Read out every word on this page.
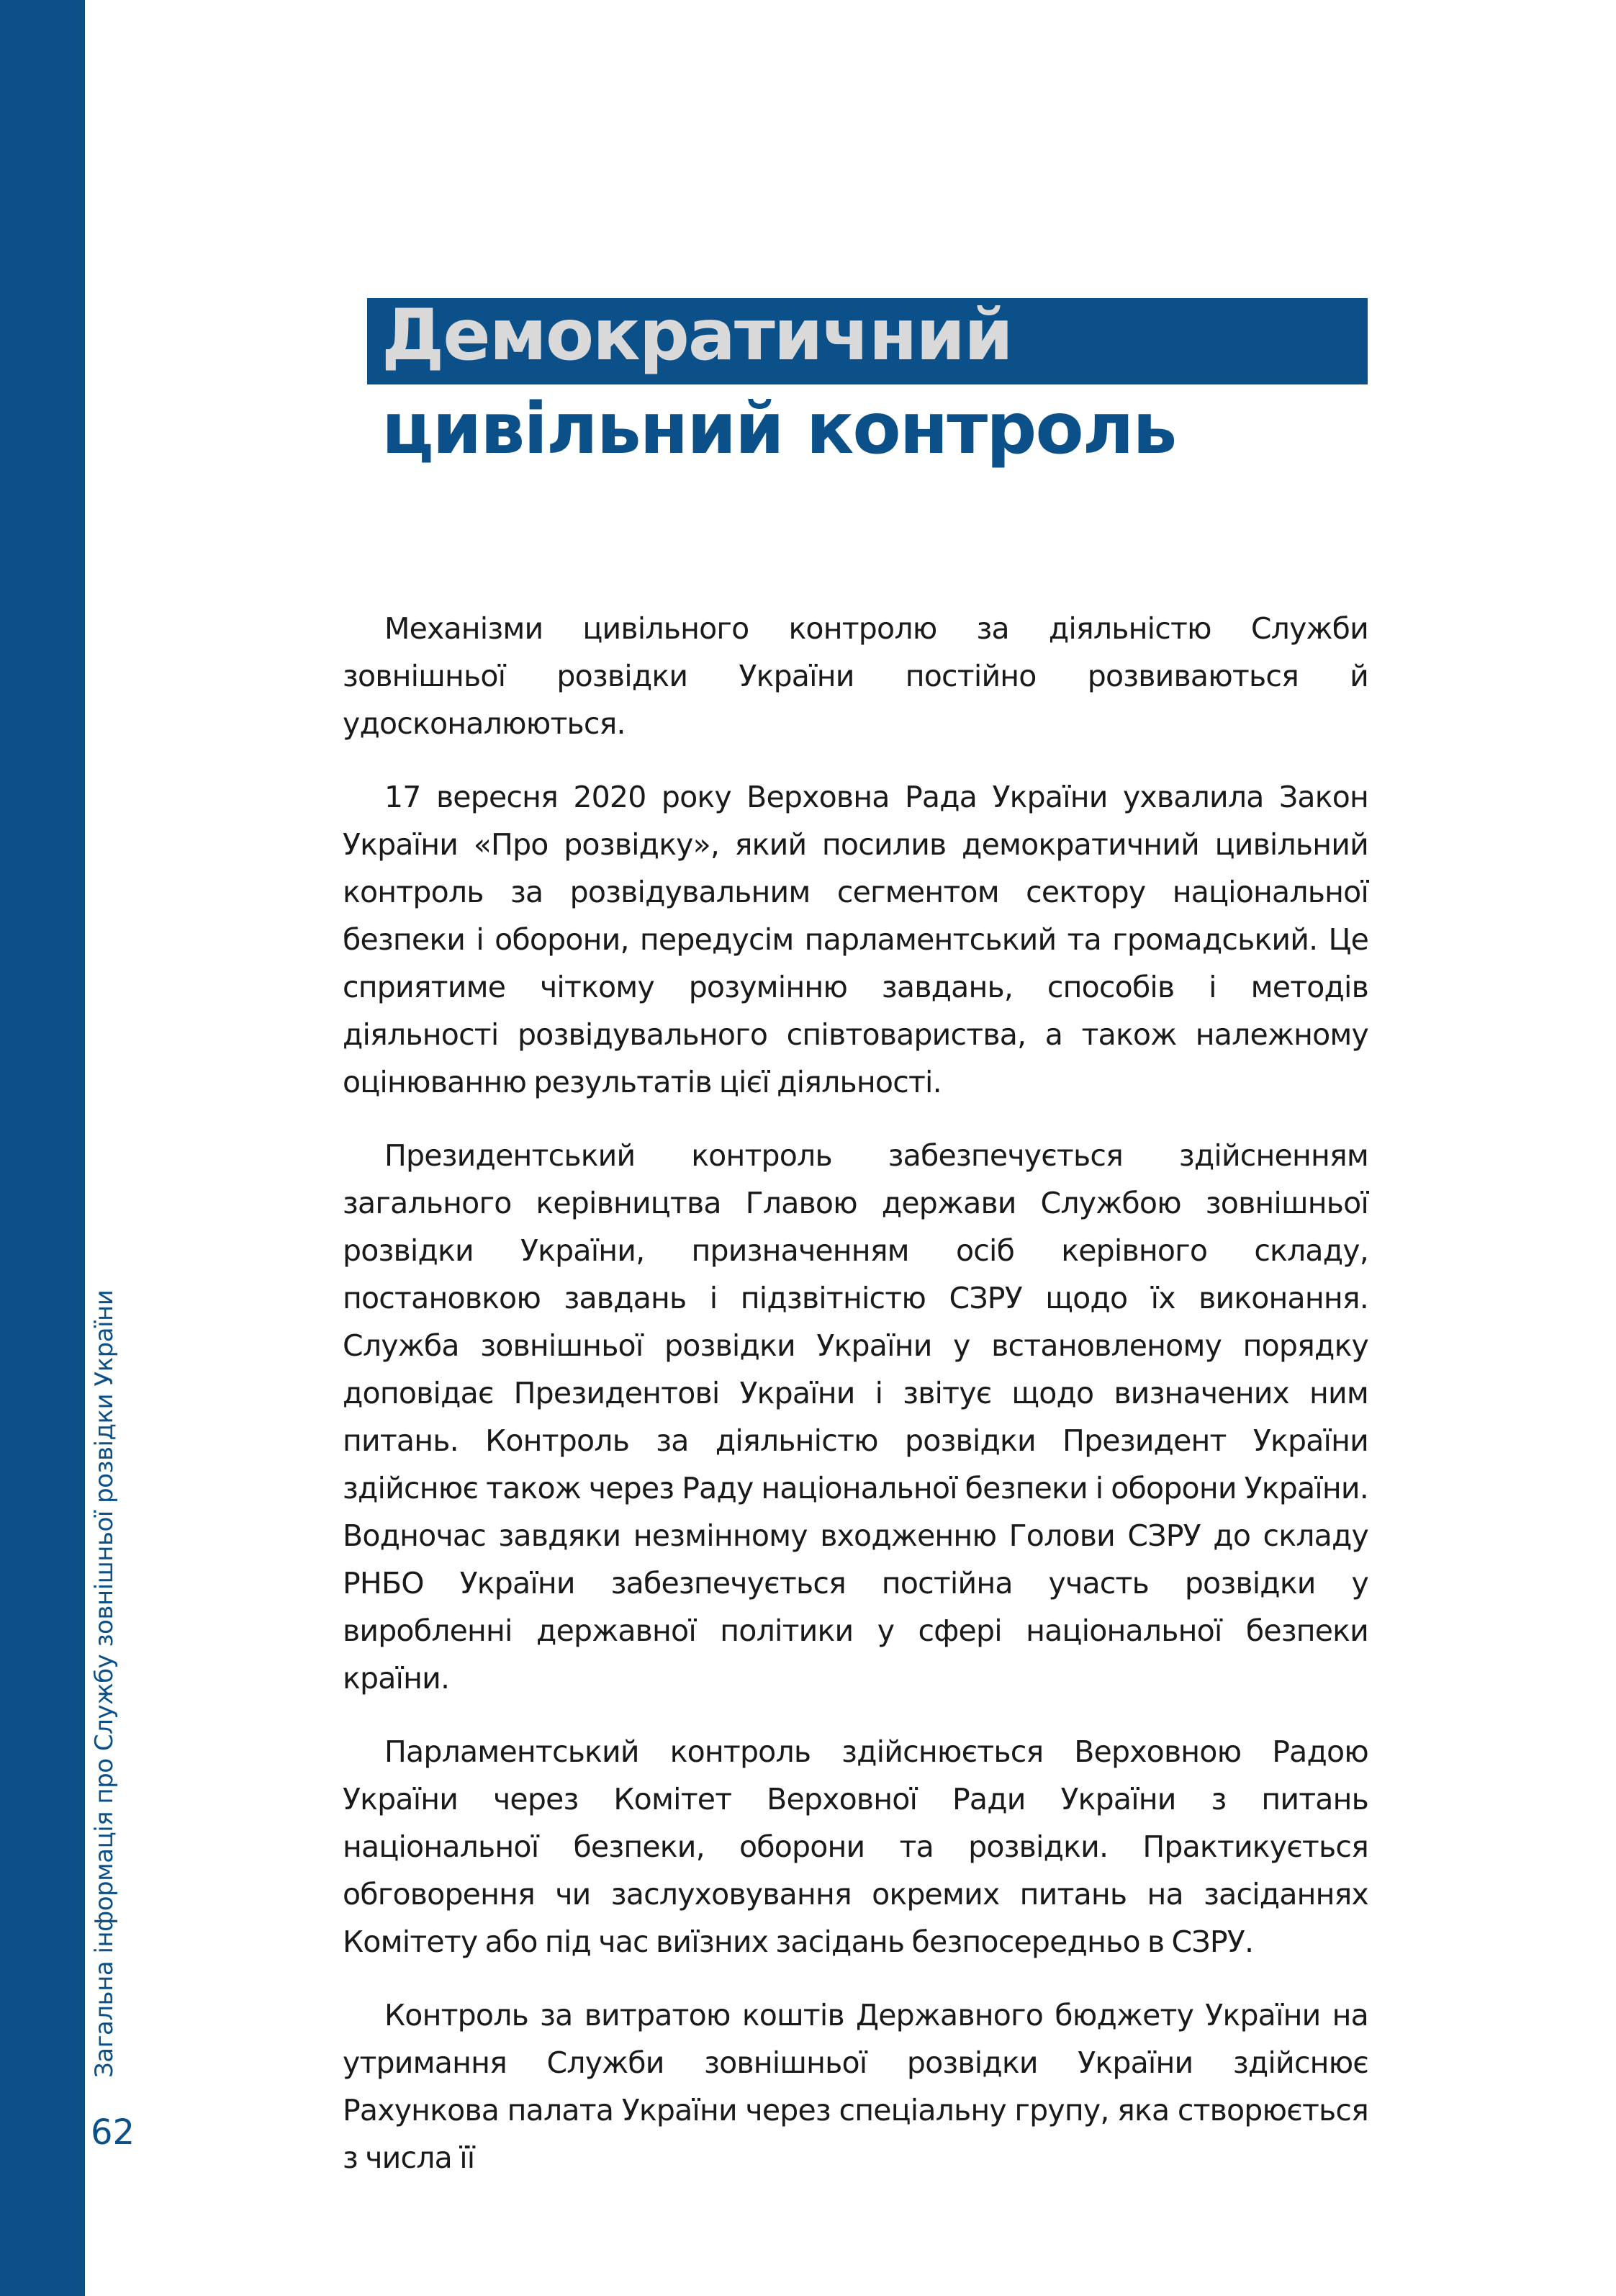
Загальна інформація про Службу зовнішньої розвідки України
62
Демократичний
цивільний контроль

Механізми цивільного контролю за діяльністю Служби зовнішньої розвідки України постійно розвиваються й удосконалюються.

17 вересня 2020 року Верховна Рада України ухвалила Закон України «Про розвідку», який посилив демократичний цивільний контроль за розвідувальним сегментом сектору національної безпеки і оборони, передусім парламентський та громадський. Це сприятиме чіткому розумінню завдань, способів і методів діяльності розвідувального співтовариства, а також належному оцінюванню результатів цієї діяльності.

Президентський контроль забезпечується здійсненням загального керівництва Главою держави Службою зовнішньої розвідки України, призначенням осіб керівного складу, постановкою завдань і підзвітністю СЗРУ щодо їх виконання. Служба зовнішньої розвідки України у встановленому порядку доповідає Президентові України і звітує щодо визначених ним питань. Контроль за діяльністю розвідки Президент України здійснює також через Раду національної безпеки і оборони України. Водночас завдяки незмінному входженню Голови СЗРУ до складу РНБО України забезпечується постійна участь розвідки у виробленні державної політики у сфері національної безпеки країни.

Парламентський контроль здійснюється Верховною Радою України через Комітет Верховної Ради України з питань національної безпеки, оборони та розвідки. Практикується обговорення чи заслуховування окремих питань на засіданнях Комітету або під час виїзних засідань безпосередньо в СЗРУ.

Контроль за витратою коштів Державного бюджету України на утримання Служби зовнішньої розвідки України здійснює Рахункова палата України через спеціальну групу, яка створюється з числа її
